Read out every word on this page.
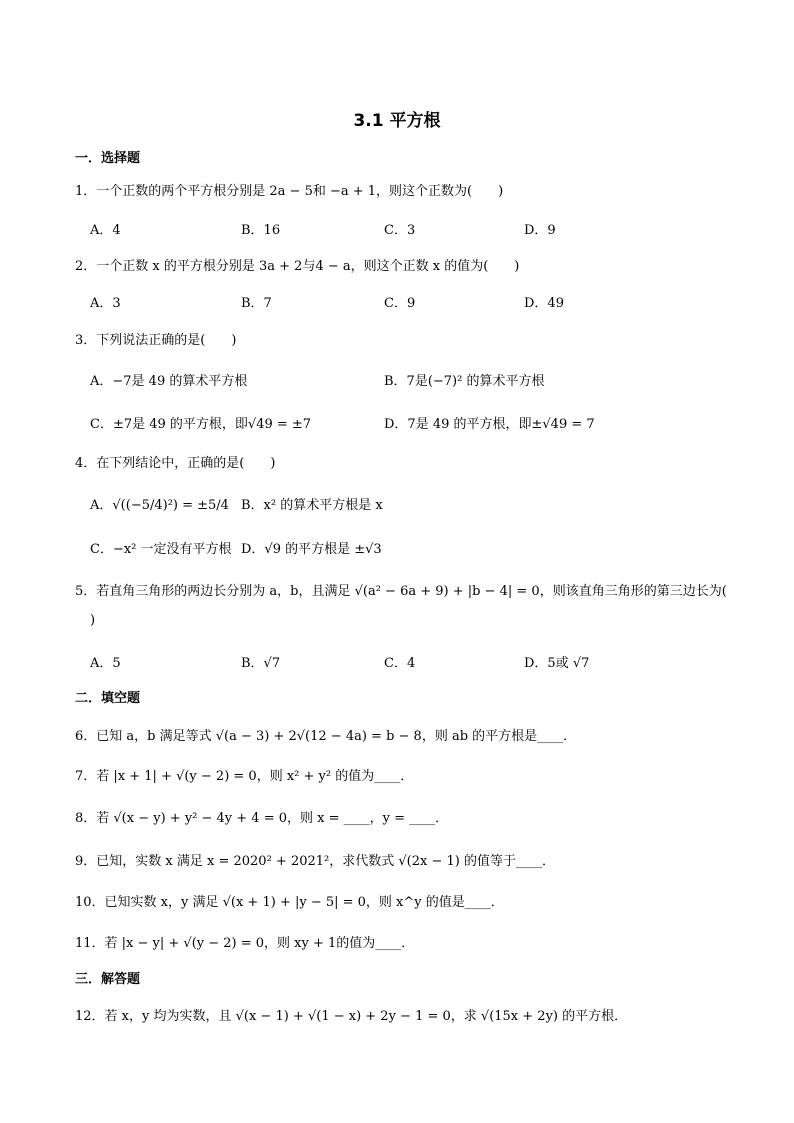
3.1 平方根
一．选择题
1．一个正数的两个平方根分别是 2a − 5和 −a + 1，则这个正数为(　　)
A．4	B．16	C．3	D．9
2．一个正数 x 的平方根分别是 3a + 2与4 − a，则这个正数 x 的值为(　　)
A．3	B．7	C．9	D．49
3．下列说法正确的是(　　)
A．−7是 49 的算术平方根	B．7是(−7)² 的算术平方根
C．±7是 49 的平方根，即√49 = ±7	D．7是 49 的平方根，即±√49 = 7
4．在下列结论中，正确的是(　　)
A．√((−5/4)²) = ±5/4 B．x² 的算术平方根是 x
C．−x² 一定没有平方根 D．√9 的平方根是 ±√3
5．若直角三角形的两边长分别为 a，b，且满足 √(a² − 6a + 9) + |b − 4| = 0，则该直角三角形的第三边长为(
)
A．5	B．√7	C．4	D．5或 √7
二．填空题
6．已知 a，b 满足等式 √(a − 3) + 2√(12 − 4a) = b − 8，则 ab 的平方根是____．
7．若 |x + 1| + √(y − 2) = 0，则 x² + y² 的值为____．
8．若 √(x − y) + y² − 4y + 4 = 0，则 x = ____，y = ____．
9．已知，实数 x 满足 x = 2020² + 2021²，求代数式 √(2x − 1) 的值等于____．
10．已知实数 x，y 满足 √(x + 1) + |y − 5| = 0，则 x^y 的值是____．
11．若 |x − y| + √(y − 2) = 0，则 xy + 1的值为____．
三．解答题
12．若 x，y 均为实数，且 √(x − 1) + √(1 − x) + 2y − 1 = 0，求 √(15x + 2y) 的平方根．
